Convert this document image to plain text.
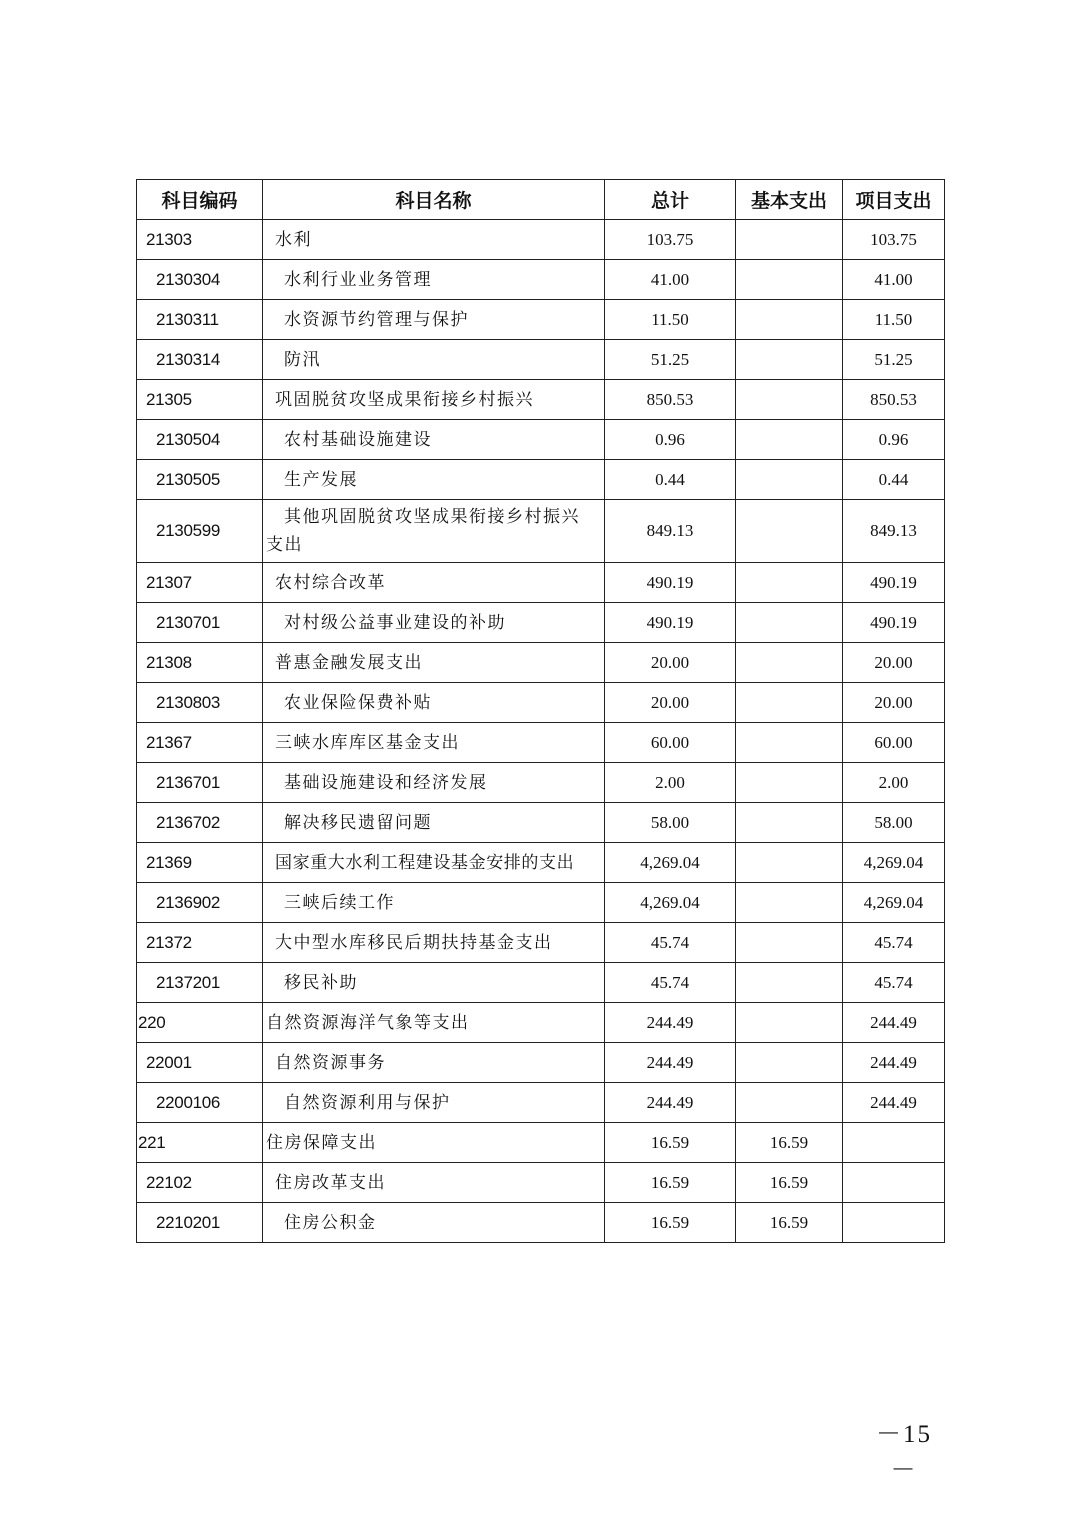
科目编码	科目名称	总计	基本支出	项目支出
21303	水利	103.75		103.75
2130304	水利行业业务管理	41.00		41.00
2130311	水资源节约管理与保护	11.50		11.50
2130314	防汛	51.25		51.25
21305	巩固脱贫攻坚成果衔接乡村振兴	850.53		850.53
2130504	农村基础设施建设	0.96		0.96
2130505	生产发展	0.44		0.44
2130599	其他巩固脱贫攻坚成果衔接乡村振兴
支出	849.13		849.13
21307	农村综合改革	490.19		490.19
2130701	对村级公益事业建设的补助	490.19		490.19
21308	普惠金融发展支出	20.00		20.00
2130803	农业保险保费补贴	20.00		20.00
21367	三峡水库库区基金支出	60.00		60.00
2136701	基础设施建设和经济发展	2.00		2.00
2136702	解决移民遗留问题	58.00		58.00
21369	国家重大水利工程建设基金安排的支出	4,269.04		4,269.04
2136902	三峡后续工作	4,269.04		4,269.04
21372	大中型水库移民后期扶持基金支出	45.74		45.74
2137201	移民补助	45.74		45.74
220	自然资源海洋气象等支出	244.49		244.49
22001	自然资源事务	244.49		244.49
2200106	自然资源利用与保护	244.49		244.49
221	住房保障支出	16.59	16.59	
22102	住房改革支出	16.59	16.59	
2210201	住房公积金	16.59	16.59	
－15－
